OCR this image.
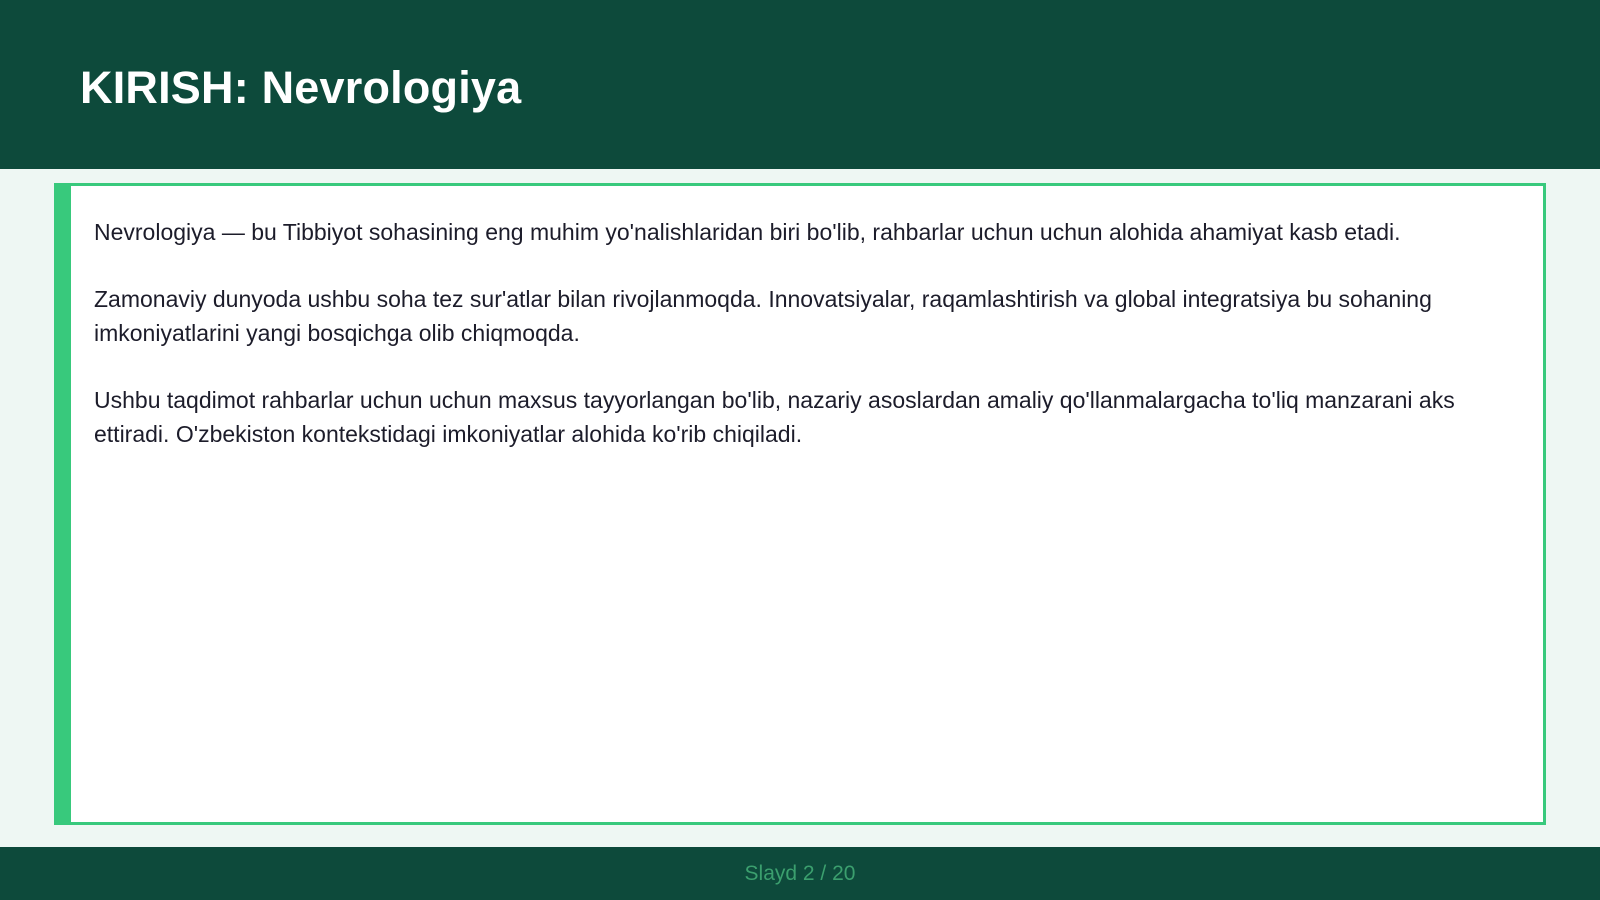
KIRISH: Nevrologiya

Nevrologiya — bu Tibbiyot sohasining eng muhim yo'nalishlaridan biri bo'lib, rahbarlar uchun uchun alohida ahamiyat kasb etadi.

Zamonaviy dunyoda ushbu soha tez sur'atlar bilan rivojlanmoqda. Innovatsiyalar, raqamlashtirish va global integratsiya bu sohaning imkoniyatlarini yangi bosqichga olib chiqmoqda.

Ushbu taqdimot rahbarlar uchun uchun maxsus tayyorlangan bo'lib, nazariy asoslardan amaliy qo'llanmalargacha to'liq manzarani aks ettiradi. O'zbekiston kontekstidagi imkoniyatlar alohida ko'rib chiqiladi.

Slayd 2 / 20
